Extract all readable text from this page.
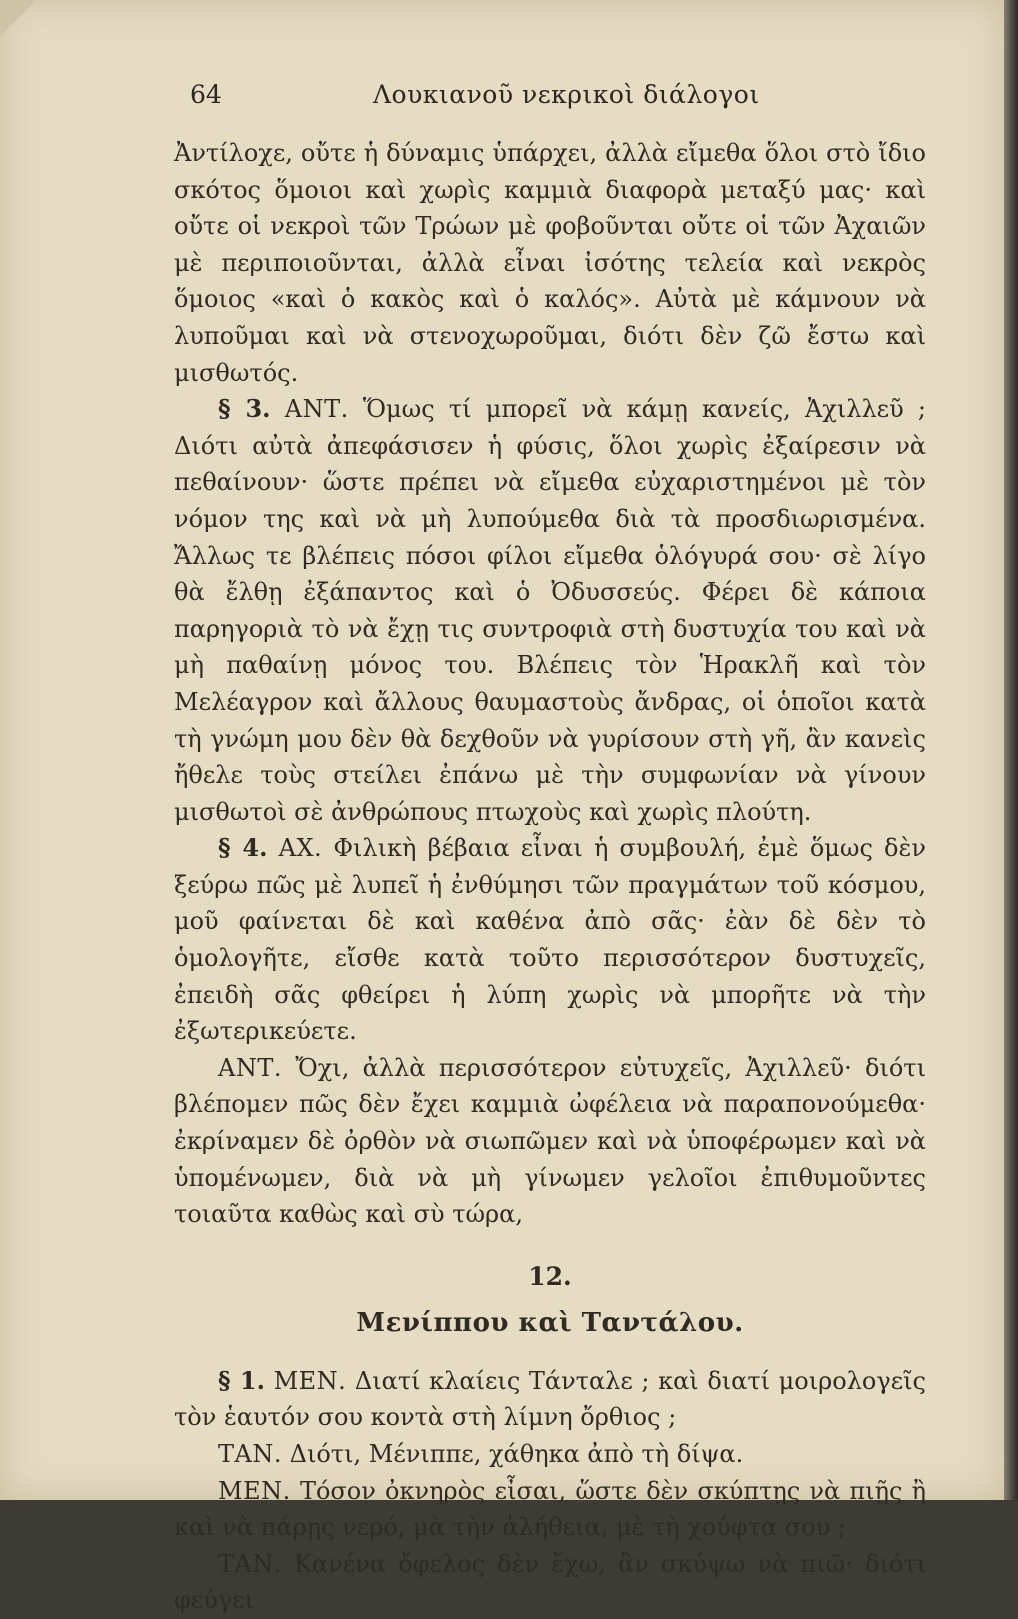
64	Λουκιανοῦ νεκρικοὶ διάλογοι

Ἀντίλοχε, οὔτε ἡ δύναμις ὑπάρχει, ἀλλὰ εἴμεθα ὅλοι στὸ ἴδιο σκότος ὅμοιοι καὶ χωρὶς καμμιὰ διαφορὰ μεταξύ μας· καὶ οὔτε οἱ νεκροὶ τῶν Τρώων μὲ φοβοῦνται οὔτε οἱ τῶν Ἀχαιῶν μὲ περιποιοῦνται, ἀλλὰ εἶναι ἰσότης τελεία καὶ νεκρὸς ὅμοιος «καὶ ὁ κακὸς καὶ ὁ καλός». Αὐτὰ μὲ κάμνουν νὰ λυποῦμαι καὶ νὰ στενοχωροῦμαι, διότι δὲν ζῶ ἔστω καὶ μισθωτός.

§ 3. ΑΝΤ. Ὅμως τί μπορεῖ νὰ κάμῃ κανείς, Ἀχιλλεῦ ; Διότι αὐτὰ ἀπεφάσισεν ἡ φύσις, ὅλοι χωρὶς ἐξαίρεσιν νὰ πεθαίνουν· ὥστε πρέπει νὰ εἴμεθα εὐχαριστημένοι μὲ τὸν νόμον της καὶ νὰ μὴ λυπούμεθα διὰ τὰ προσδιωρισμένα. Ἄλλως τε βλέπεις πόσοι φίλοι εἴμεθα ὁλόγυρά σου· σὲ λίγο θὰ ἔλθῃ ἐξάπαντος καὶ ὁ Ὀδυσσεύς. Φέρει δὲ κάποια παρηγοριὰ τὸ νὰ ἔχῃ τις συντροφιὰ στὴ δυστυχία του καὶ νὰ μὴ παθαίνῃ μόνος του. Βλέπεις τὸν Ἡρακλῆ καὶ τὸν Μελέαγρον καὶ ἄλλους θαυμαστοὺς ἄνδρας, οἱ ὁποῖοι κατὰ τὴ γνώμη μου δὲν θὰ δεχθοῦν νὰ γυρίσουν στὴ γῆ, ἂν κανεὶς ἤθελε τοὺς στείλει ἐπάνω μὲ τὴν συμφωνίαν νὰ γίνουν μισθωτοὶ σὲ ἀνθρώπους πτωχοὺς καὶ χωρὶς πλούτη.

§ 4. ΑΧ. Φιλικὴ βέβαια εἶναι ἡ συμβουλή, ἐμὲ ὅμως δὲν ξεύρω πῶς μὲ λυπεῖ ἡ ἐνθύμησι τῶν πραγμάτων τοῦ κόσμου, μοῦ φαίνεται δὲ καὶ καθένα ἀπὸ σᾶς· ἐὰν δὲ δὲν τὸ ὁμολογῆτε, εἴσθε κατὰ τοῦτο περισσότερον δυστυχεῖς, ἐπειδὴ σᾶς φθείρει ἡ λύπη χωρὶς νὰ μπορῆτε νὰ τὴν ἐξωτερικεύετε.

ΑΝΤ. Ὄχι, ἀλλὰ περισσότερον εὐτυχεῖς, Ἀχιλλεῦ· διότι βλέπομεν πῶς δὲν ἔχει καμμιὰ ὠφέλεια νὰ παραπονούμεθα· ἐκρίναμεν δὲ ὀρθὸν νὰ σιωπῶμεν καὶ νὰ ὑποφέρωμεν καὶ νὰ ὑπομένωμεν, διὰ νὰ μὴ γίνωμεν γελοῖοι ἐπιθυμοῦντες τοιαῦτα καθὼς καὶ σὺ τώρα,

12.
Μενίππου καὶ Ταντάλου.

§ 1. ΜΕΝ. Διατί κλαίεις Τάνταλε ; καὶ διατί μοιρολογεῖς τὸν ἑαυτόν σου κοντὰ στὴ λίμνη ὄρθιος ;

ΤΑΝ. Διότι, Μένιππε, χάθηκα ἀπὸ τὴ δίψα.

ΜΕΝ. Τόσον ὀκνηρὸς εἶσαι, ὥστε δὲν σκύπτῃς νὰ πιῇς ἢ καὶ νὰ πάρῃς νερό, μὰ τὴν ἀλήθεια, μὲ τὴ χούφτα σου ;

ΤΑΝ. Κανένα ὄφελος δὲν ἔχω, ἂν σκύψω νὰ πιῶ· διότι φεύγει
